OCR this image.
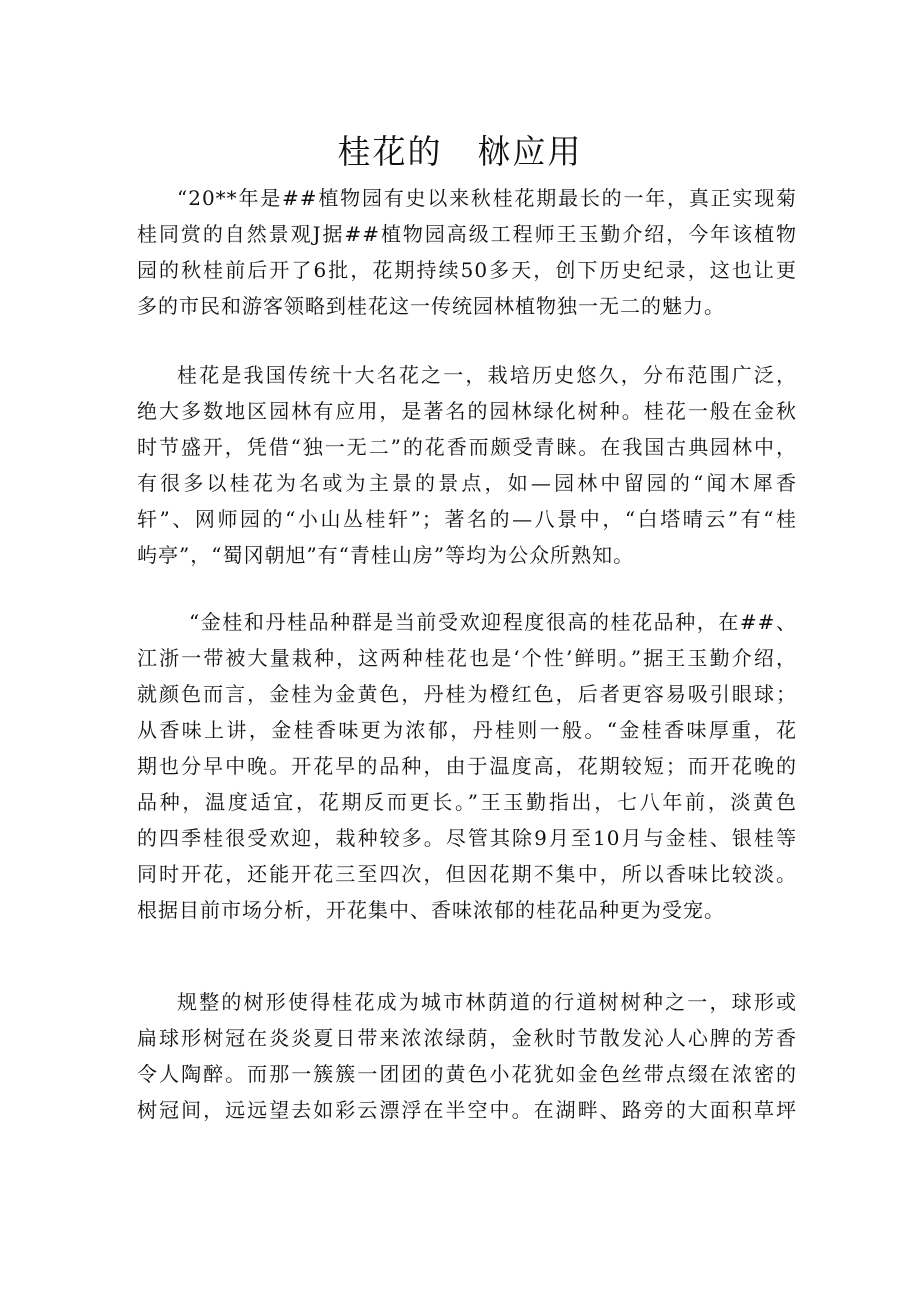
桂花的　栤应用
“20**年是##植物园有史以来秋桂花期最长的一年，真正实现菊
桂同赏的自然景观J据##植物园高级工程师王玉勤介绍，今年该植物
园的秋桂前后开了6批，花期持续50多天，创下历史纪录，这也让更
多的市民和游客领略到桂花这一传统园林植物独一无二的魅力。
桂花是我国传统十大名花之一，栽培历史悠久，分布范围广泛，
绝大多数地区园林有应用，是著名的园林绿化树种。桂花一般在金秋
时节盛开，凭借“独一无二”的花香而颇受青睐。在我国古典园林中，
有很多以桂花为名或为主景的景点，如—园林中留园的“闻木犀香
轩”、网师园的“小山丛桂轩”；著名的—八景中，“白塔晴云”有“桂
屿亭”，“蜀冈朝旭”有“青桂山房”等均为公众所熟知。
“金桂和丹桂品种群是当前受欢迎程度很高的桂花品种，在##、
江浙一带被大量栽种，这两种桂花也是‘个性’鲜明。”据王玉勤介绍，
就颜色而言，金桂为金黄色，丹桂为橙红色，后者更容易吸引眼球；
从香味上讲，金桂香味更为浓郁，丹桂则一般。“金桂香味厚重，花
期也分早中晚。开花早的品种，由于温度高，花期较短；而开花晚的
品种，温度适宜，花期反而更长。”王玉勤指出，七八年前，淡黄色
的四季桂很受欢迎，栽种较多。尽管其除9月至10月与金桂、银桂等
同时开花，还能开花三至四次，但因花期不集中，所以香味比较淡。
根据目前市场分析，开花集中、香味浓郁的桂花品种更为受宠。
规整的树形使得桂花成为城市林荫道的行道树树种之一，球形或
扁球形树冠在炎炎夏日带来浓浓绿荫，金秋时节散发沁人心脾的芳香
令人陶醉。而那一簇簇一团团的黄色小花犹如金色丝带点缀在浓密的
树冠间，远远望去如彩云漂浮在半空中。在湖畔、路旁的大面积草坪
